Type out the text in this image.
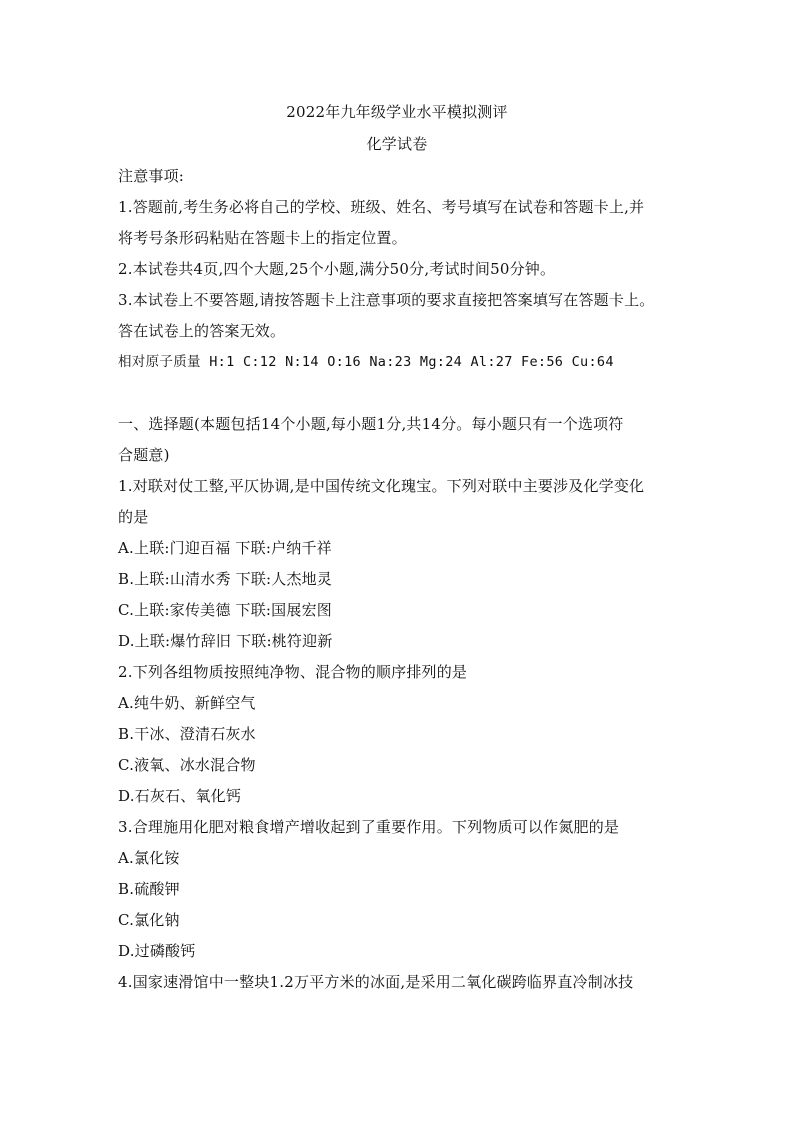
2022年九年级学业水平模拟测评
化学试卷
注意事项:
1.答题前,考生务必将自己的学校、班级、姓名、考号填写在试卷和答题卡上,并
将考号条形码粘贴在答题卡上的指定位置。
2.本试卷共4页,四个大题,25个小题,满分50分,考试时间50分钟。
3.本试卷上不要答题,请按答题卡上注意事项的要求直接把答案填写在答题卡上。
答在试卷上的答案无效。
相对原子质量 H:1 C:12 N:14 O:16 Na:23 Mg:24 Al:27 Fe:56 Cu:64
一、选择题(本题包括14个小题,每小题1分,共14分。每小题只有一个选项符
合题意)
1.对联对仗工整,平仄协调,是中国传统文化瑰宝。下列对联中主要涉及化学变化
的是
A.上联:门迎百福 下联:户纳千祥
B.上联:山清水秀 下联:人杰地灵
C.上联:家传美德 下联:国展宏图
D.上联:爆竹辞旧 下联:桃符迎新
2.下列各组物质按照纯净物、混合物的顺序排列的是
A.纯牛奶、新鲜空气
B.干冰、澄清石灰水
C.液氧、冰水混合物
D.石灰石、氧化钙
3.合理施用化肥对粮食增产增收起到了重要作用。下列物质可以作氮肥的是
A.氯化铵
B.硫酸钾
C.氯化钠
D.过磷酸钙
4.国家速滑馆中一整块1.2万平方米的冰面,是采用二氧化碳跨临界直冷制冰技
